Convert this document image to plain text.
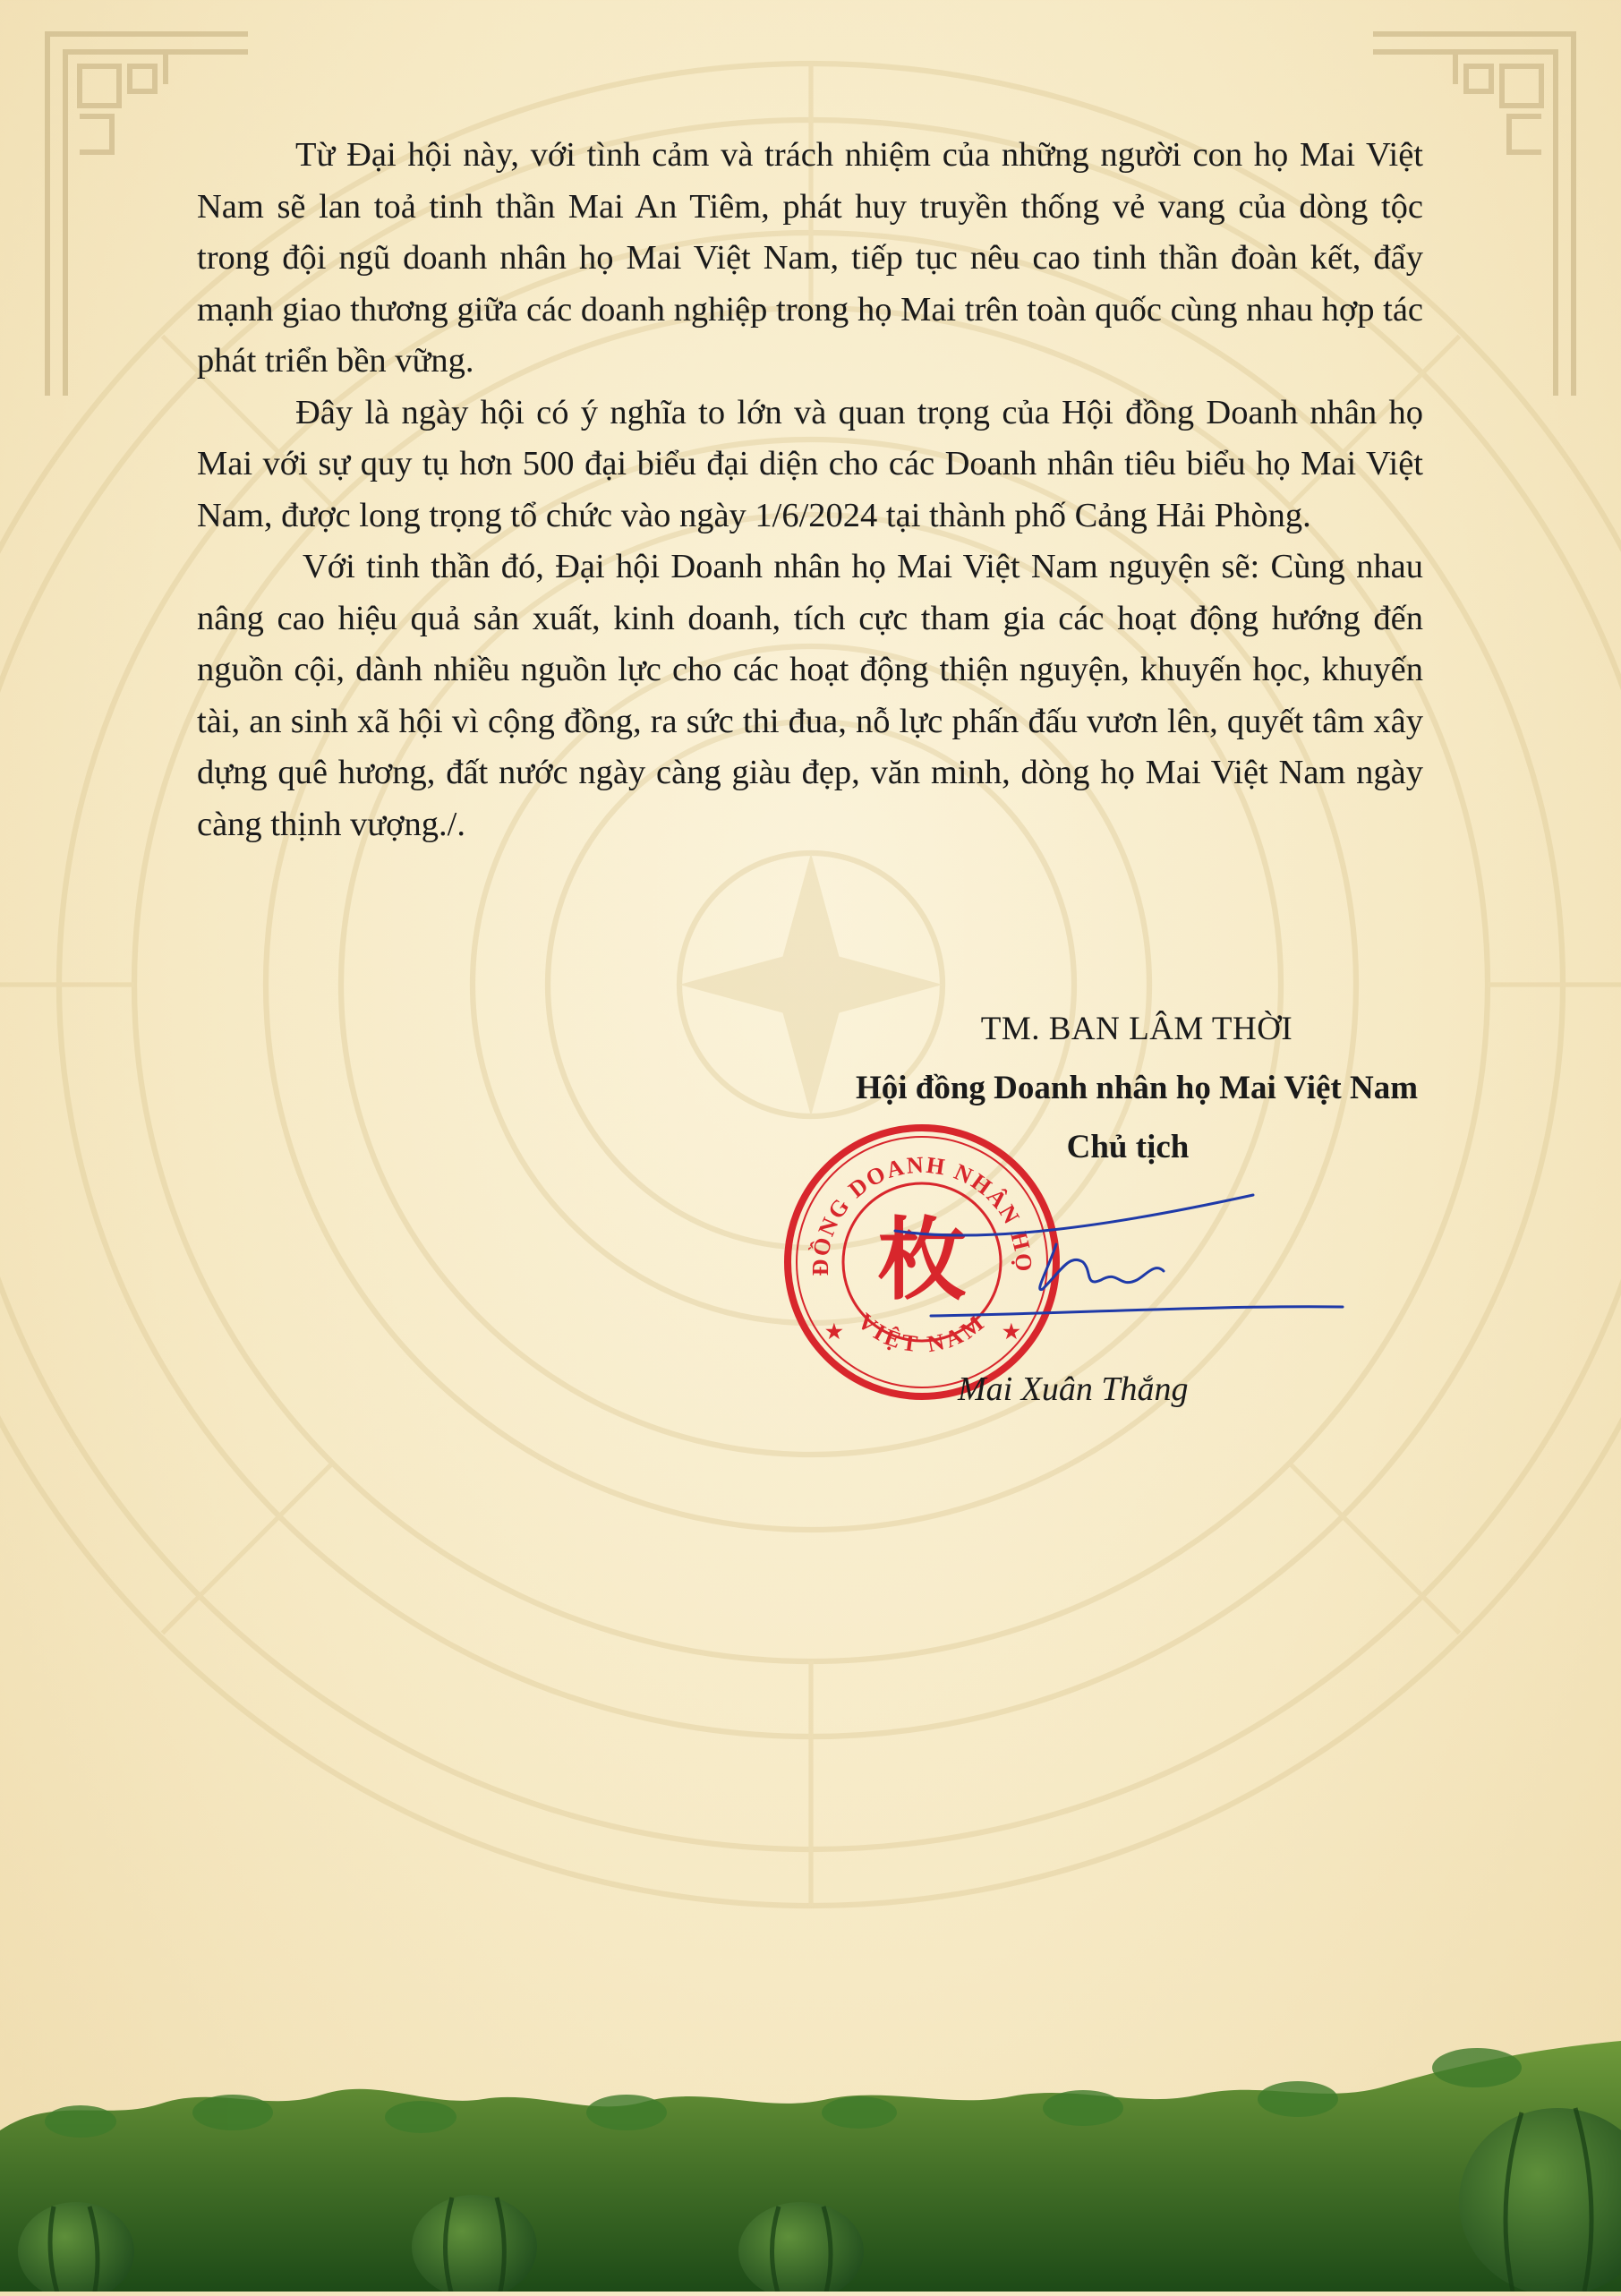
Từ Đại hội này, với tình cảm và trách nhiệm của những người con họ Mai Việt Nam sẽ lan toả tinh thần Mai An Tiêm, phát huy truyền thống vẻ vang của dòng tộc trong đội ngũ doanh nhân họ Mai Việt Nam, tiếp tục nêu cao tinh thần đoàn kết, đẩy mạnh giao thương giữa các doanh nghiệp trong họ Mai trên toàn quốc cùng nhau hợp tác phát triển bền vững.

Đây là ngày hội có ý nghĩa to lớn và quan trọng của Hội đồng Doanh nhân họ Mai với sự quy tụ hơn 500 đại biểu đại diện cho các Doanh nhân tiêu biểu họ Mai Việt Nam, được long trọng tổ chức vào ngày 1/6/2024 tại thành phố Cảng Hải Phòng.

Với tinh thần đó, Đại hội Doanh nhân họ Mai Việt Nam nguyện sẽ: Cùng nhau nâng cao hiệu quả sản xuất, kinh doanh, tích cực tham gia các hoạt động hướng đến nguồn cội, dành nhiều nguồn lực cho các hoạt động thiện nguyện, khuyến học, khuyến tài, an sinh xã hội vì cộng đồng, ra sức thi đua, nỗ lực phấn đấu vươn lên, quyết tâm xây dựng quê hương, đất nước ngày càng giàu đẹp, văn minh, dòng họ Mai Việt Nam ngày càng thịnh vượng./.

TM. BAN LÂM THỜI
Hội đồng Doanh nhân họ Mai Việt Nam
Chủ tịch
ĐỒNG DOANH NHÂN HỌ
VIỆT NAM
枚
★	★
Mai Xuân Thắng
